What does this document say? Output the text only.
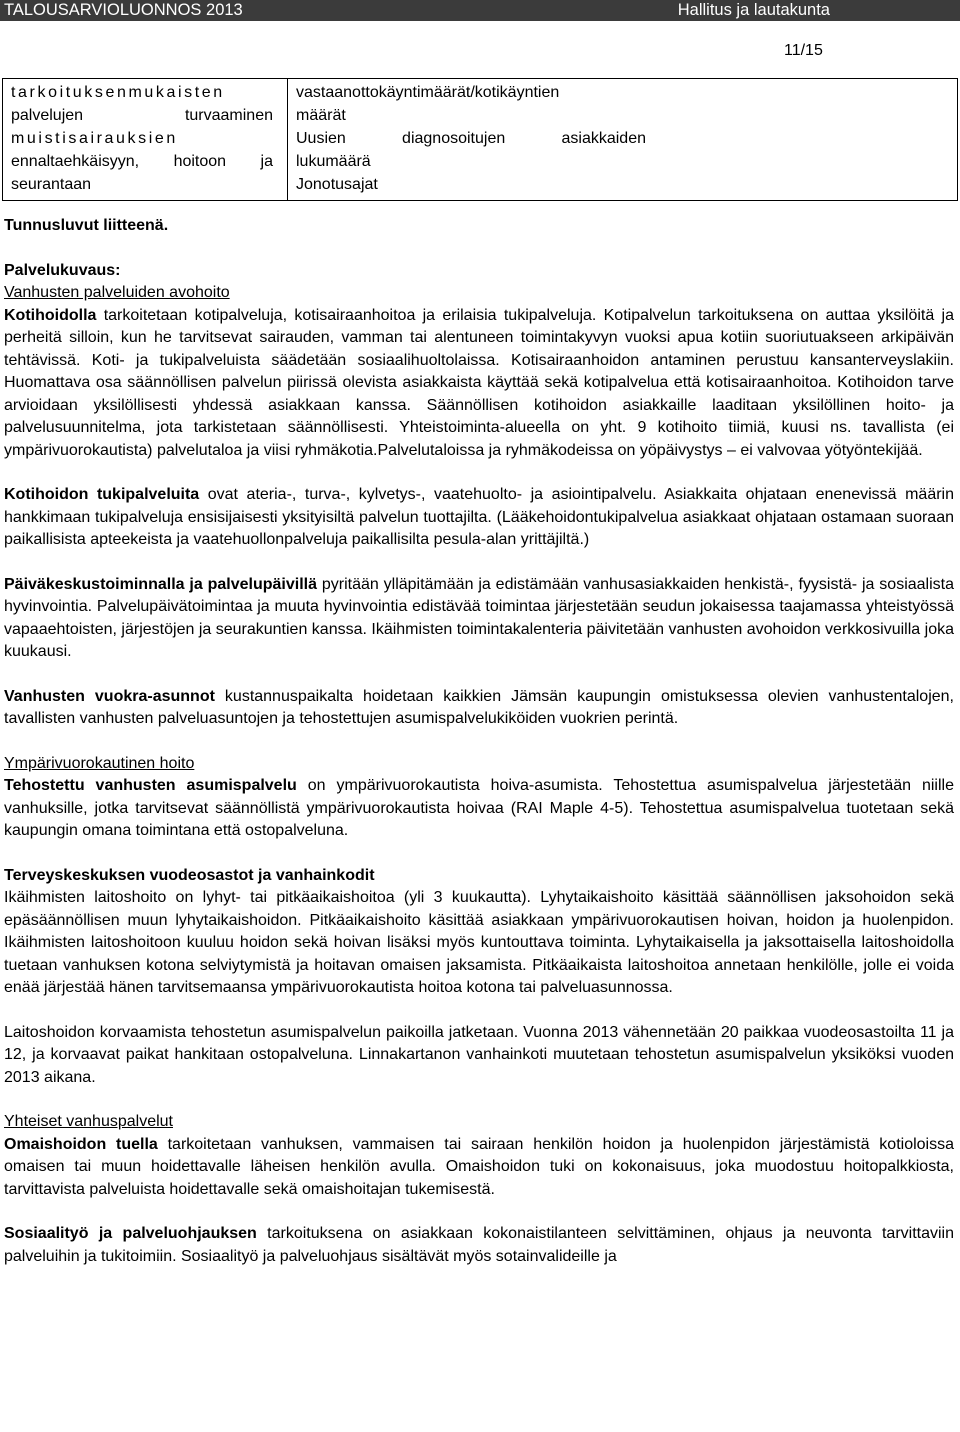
TALOUSARVIOLUONNOS 2013	Hallitus ja lautakunta
11/15
tarkoituksenmukaisten
palvelujen turvaaminen
muistisairauksien
ennaltaehkäisyyn, hoitoon ja
seurantaan

vastaanottokäyntimäärät/kotikäyntien
määrät
Uusien diagnosoitujen asiakkaiden
lukumäärä
Jonotusajat

Tunnusluvut liitteenä.

Palvelukuvaus:

Vanhusten palveluiden avohoito

Kotihoidolla tarkoitetaan kotipalveluja, kotisairaanhoitoa ja erilaisia tukipalveluja. Kotipalvelun tarkoituksena on auttaa yksilöitä ja perheitä silloin, kun he tarvitsevat sairauden, vamman tai alentuneen toimintakyvyn vuoksi apua kotiin suoriutuakseen arkipäivän tehtävissä. Koti- ja tukipalveluista säädetään sosiaalihuoltolaissa. Kotisairaanhoidon antaminen perustuu kansanterveyslakiin. Huomattava osa säännöllisen palvelun piirissä olevista asiakkaista käyttää sekä kotipalvelua että kotisairaanhoitoa. Kotihoidon tarve arvioidaan yksilöllisesti yhdessä asiakkaan kanssa. Säännöllisen kotihoidon asiakkaille laaditaan yksilöllinen hoito- ja palvelusuunnitelma, jota tarkistetaan säännöllisesti. Yhteistoiminta-alueella on yht. 9 kotihoito tiimiä, kuusi ns. tavallista (ei ympärivuorokautista) palvelutaloa ja viisi ryhmäkotia.Palvelutaloissa ja ryhmäkodeissa on yöpäivystys – ei valvovaa yötyöntekijää.

Kotihoidon tukipalveluita ovat ateria-, turva-, kylvetys-, vaatehuolto- ja asiointipalvelu. Asiakkaita ohjataan enenevissä määrin hankkimaan tukipalveluja ensisijaisesti yksityisiltä palvelun tuottajilta. (Lääkehoidontukipalvelua asiakkaat ohjataan ostamaan suoraan paikallisista apteekeista ja vaatehuollonpalveluja paikallisilta pesula-alan yrittäjiltä.)

Päiväkeskustoiminnalla ja palvelupäivillä pyritään ylläpitämään ja edistämään vanhusasiakkaiden henkistä-, fyysistä- ja sosiaalista hyvinvointia. Palvelupäivätoimintaa ja muuta hyvinvointia edistävää toimintaa järjestetään seudun jokaisessa taajamassa yhteistyössä vapaaehtoisten, järjestöjen ja seurakuntien kanssa. Ikäihmisten toimintakalenteria päivitetään vanhusten avohoidon verkkosivuilla joka kuukausi.

Vanhusten vuokra-asunnot kustannuspaikalta hoidetaan kaikkien Jämsän kaupungin omistuksessa olevien vanhustentalojen, tavallisten vanhusten palveluasuntojen ja tehostettujen asumispalvelukiköiden vuokrien perintä.

Ympärivuorokautinen hoito

Tehostettu vanhusten asumispalvelu on ympärivuorokautista hoiva-asumista. Tehostettua asumispalvelua järjestetään niille vanhuksille, jotka tarvitsevat säännöllistä ympärivuorokautista hoivaa (RAI Maple 4-5). Tehostettua asumispalvelua tuotetaan sekä kaupungin omana toimintana että ostopalveluna.

Terveyskeskuksen vuodeosastot ja vanhainkodit

Ikäihmisten laitoshoito on lyhyt- tai pitkäaikaishoitoa (yli 3 kuukautta). Lyhytaikaishoito käsittää säännöllisen jaksohoidon sekä epäsäännöllisen muun lyhytaikaishoidon. Pitkäaikaishoito käsittää asiakkaan ympärivuorokautisen hoivan, hoidon ja huolenpidon. Ikäihmisten laitoshoitoon kuuluu hoidon sekä hoivan lisäksi myös kuntouttava toiminta. Lyhytaikaisella ja jaksottaisella laitoshoidolla tuetaan vanhuksen kotona selviytymistä ja hoitavan omaisen jaksamista. Pitkäaikaista laitoshoitoa annetaan henkilölle, jolle ei voida enää järjestää hänen tarvitsemaansa ympärivuorokautista hoitoa kotona tai palveluasunnossa.

Laitoshoidon korvaamista tehostetun asumispalvelun paikoilla jatketaan. Vuonna 2013 vähennetään 20 paikkaa vuodeosastoilta 11 ja 12, ja korvaavat paikat hankitaan ostopalveluna. Linnakartanon vanhainkoti muutetaan tehostetun asumispalvelun yksiköksi vuoden 2013 aikana.

Yhteiset vanhuspalvelut

Omaishoidon tuella tarkoitetaan vanhuksen, vammaisen tai sairaan henkilön hoidon ja huolenpidon järjestämistä kotioloissa omaisen tai muun hoidettavalle läheisen henkilön avulla. Omaishoidon tuki on kokonaisuus, joka muodostuu hoitopalkkiosta, tarvittavista palveluista hoidettavalle sekä omaishoitajan tukemisestä.

Sosiaalityö ja palveluohjauksen tarkoituksena on asiakkaan kokonaistilanteen selvittäminen, ohjaus ja neuvonta tarvittaviin palveluihin ja tukitoimiin. Sosiaalityö ja palveluohjaus sisältävät myös sotainvalideille ja
